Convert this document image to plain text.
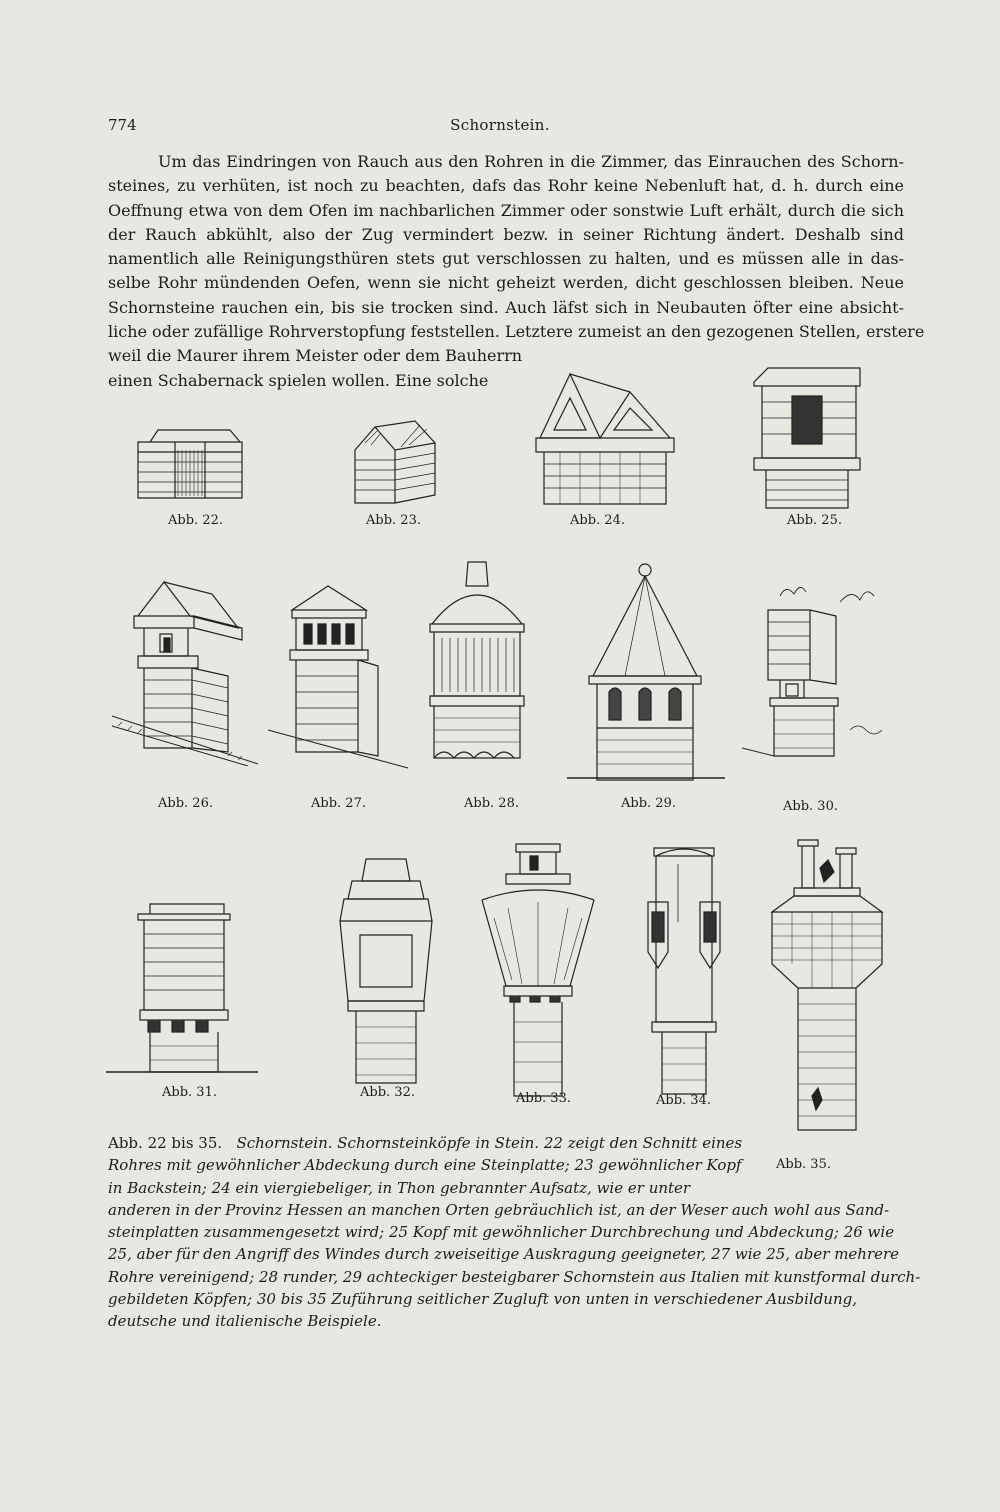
774	Schornstein.
Um das Eindringen von Rauch aus den Rohren in die Zimmer, das Einrauchen des Schorn-
steines, zu verhüten, ist noch zu beachten, dafs das Rohr keine Nebenluft hat, d. h. durch eine
Oeffnung etwa von dem Ofen im nachbarlichen Zimmer oder sonstwie Luft erhält, durch die sich
der Rauch abkühlt, also der Zug vermindert bezw. in seiner Richtung ändert. Deshalb sind
namentlich alle Reinigungsthüren stets gut verschlossen zu halten, und es müssen alle in das-
selbe Rohr mündenden Oefen, wenn sie nicht geheizt werden, dicht geschlossen bleiben. Neue
Schornsteine rauchen ein, bis sie trocken sind. Auch läfst sich in Neubauten öfter eine absicht-
liche oder zufällige Rohrverstopfung feststellen. Letztere zumeist an den gezogenen Stellen, erstere
weil die Maurer ihrem Meister oder dem Bauherrn
einen Schabernack spielen wollen. Eine solche
Abb. 22.	Abb. 23.	Abb. 24.	Abb. 25.
Abb. 26.	Abb. 27.	Abb. 28.	Abb. 29.	Abb. 30.
Abb. 31.	Abb. 32.	Abb. 33.	Abb. 34.
Abb. 35.
Abb. 22 bis 35. Schornstein. Schornsteinköpfe in Stein. 22 zeigt den Schnitt eines
Rohres mit gewöhnlicher Abdeckung durch eine Steinplatte; 23 gewöhnlicher Kopf
in Backstein; 24 ein viergiebeliger, in Thon gebrannter Aufsatz, wie er unter
anderen in der Provinz Hessen an manchen Orten gebräuchlich ist, an der Weser auch wohl aus Sand-
steinplatten zusammengesetzt wird; 25 Kopf mit gewöhnlicher Durchbrechung und Abdeckung; 26 wie
25, aber für den Angriff des Windes durch zweiseitige Auskragung geeigneter, 27 wie 25, aber mehrere
Rohre vereinigend; 28 runder, 29 achteckiger besteigbarer Schornstein aus Italien mit kunstformal durch-
gebildeten Köpfen; 30 bis 35 Zuführung seitlicher Zugluft von unten in verschiedener Ausbildung,
deutsche und italienische Beispiele.
